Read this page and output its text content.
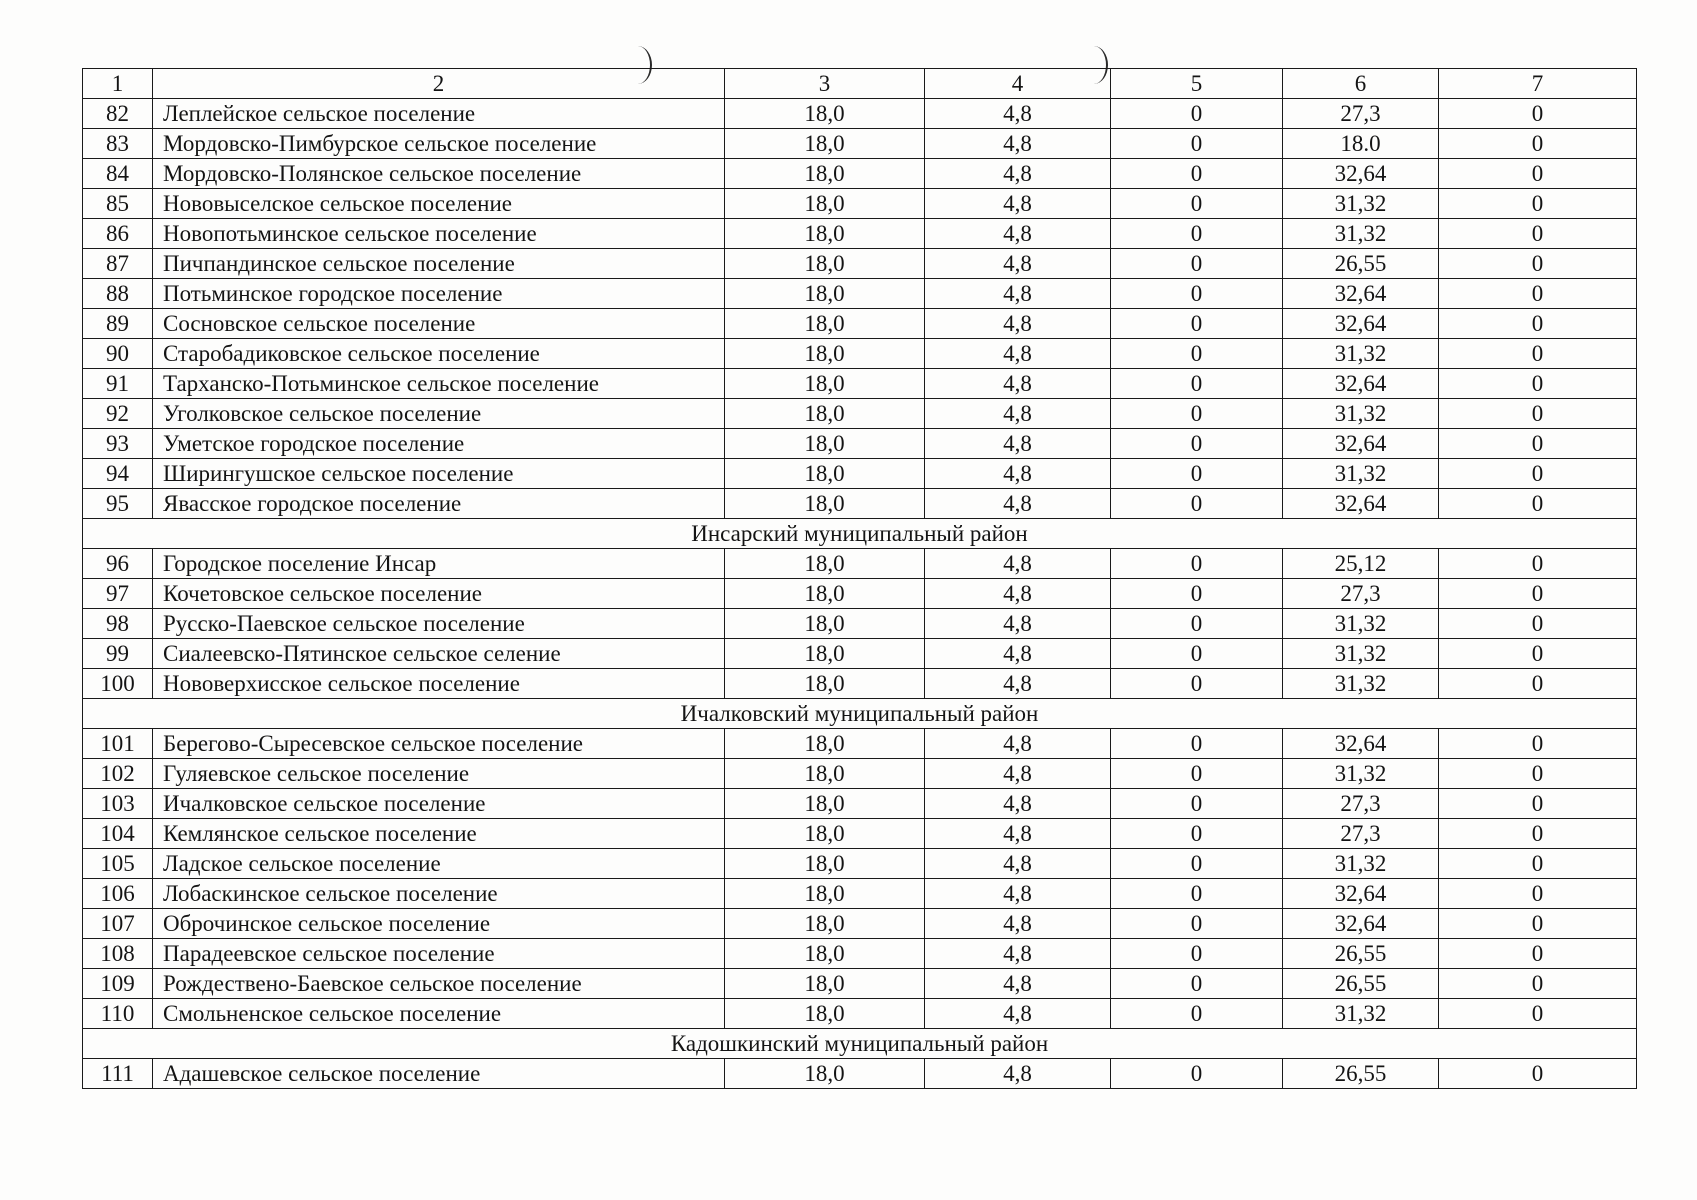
1	2	3	4	5	6	7
82	Леплейское сельское поселение	18,0	4,8	0	27,3	0
83	Мордовско-Пимбурское сельское поселение	18,0	4,8	0	18.0	0
84	Мордовско-Полянское сельское поселение	18,0	4,8	0	32,64	0
85	Нововыселское сельское поселение	18,0	4,8	0	31,32	0
86	Новопотьминское сельское поселение	18,0	4,8	0	31,32	0
87	Пичпандинское сельское поселение	18,0	4,8	0	26,55	0
88	Потьминское городское поселение	18,0	4,8	0	32,64	0
89	Сосновское сельское поселение	18,0	4,8	0	32,64	0
90	Старобадиковское сельское поселение	18,0	4,8	0	31,32	0
91	Тарханско-Потьминское сельское поселение	18,0	4,8	0	32,64	0
92	Уголковское сельское поселение	18,0	4,8	0	31,32	0
93	Уметское городское поселение	18,0	4,8	0	32,64	0
94	Ширингушское сельское поселение	18,0	4,8	0	31,32	0
95	Явасское городское поселение	18,0	4,8	0	32,64	0
Инсарский муниципальный район						
96	Городское поселение Инсар	18,0	4,8	0	25,12	0
97	Кочетовское сельское поселение	18,0	4,8	0	27,3	0
98	Русско-Паевское сельское поселение	18,0	4,8	0	31,32	0
99	Сиалеевско-Пятинское сельское селение	18,0	4,8	0	31,32	0
100	Нововерхисское сельское поселение	18,0	4,8	0	31,32	0
Ичалковский муниципальный район						
101	Берегово-Сыресевское сельское поселение	18,0	4,8	0	32,64	0
102	Гуляевское сельское поселение	18,0	4,8	0	31,32	0
103	Ичалковское сельское поселение	18,0	4,8	0	27,3	0
104	Кемлянское сельское поселение	18,0	4,8	0	27,3	0
105	Ладское сельское поселение	18,0	4,8	0	31,32	0
106	Лобаскинское сельское поселение	18,0	4,8	0	32,64	0
107	Оброчинское сельское поселение	18,0	4,8	0	32,64	0
108	Парадеевское сельское поселение	18,0	4,8	0	26,55	0
109	Рождествено-Баевское сельское поселение	18,0	4,8	0	26,55	0
110	Смольненское сельское поселение	18,0	4,8	0	31,32	0
Кадошкинский муниципальный район						
111	Адашевское сельское поселение	18,0	4,8	0	26,55	0
